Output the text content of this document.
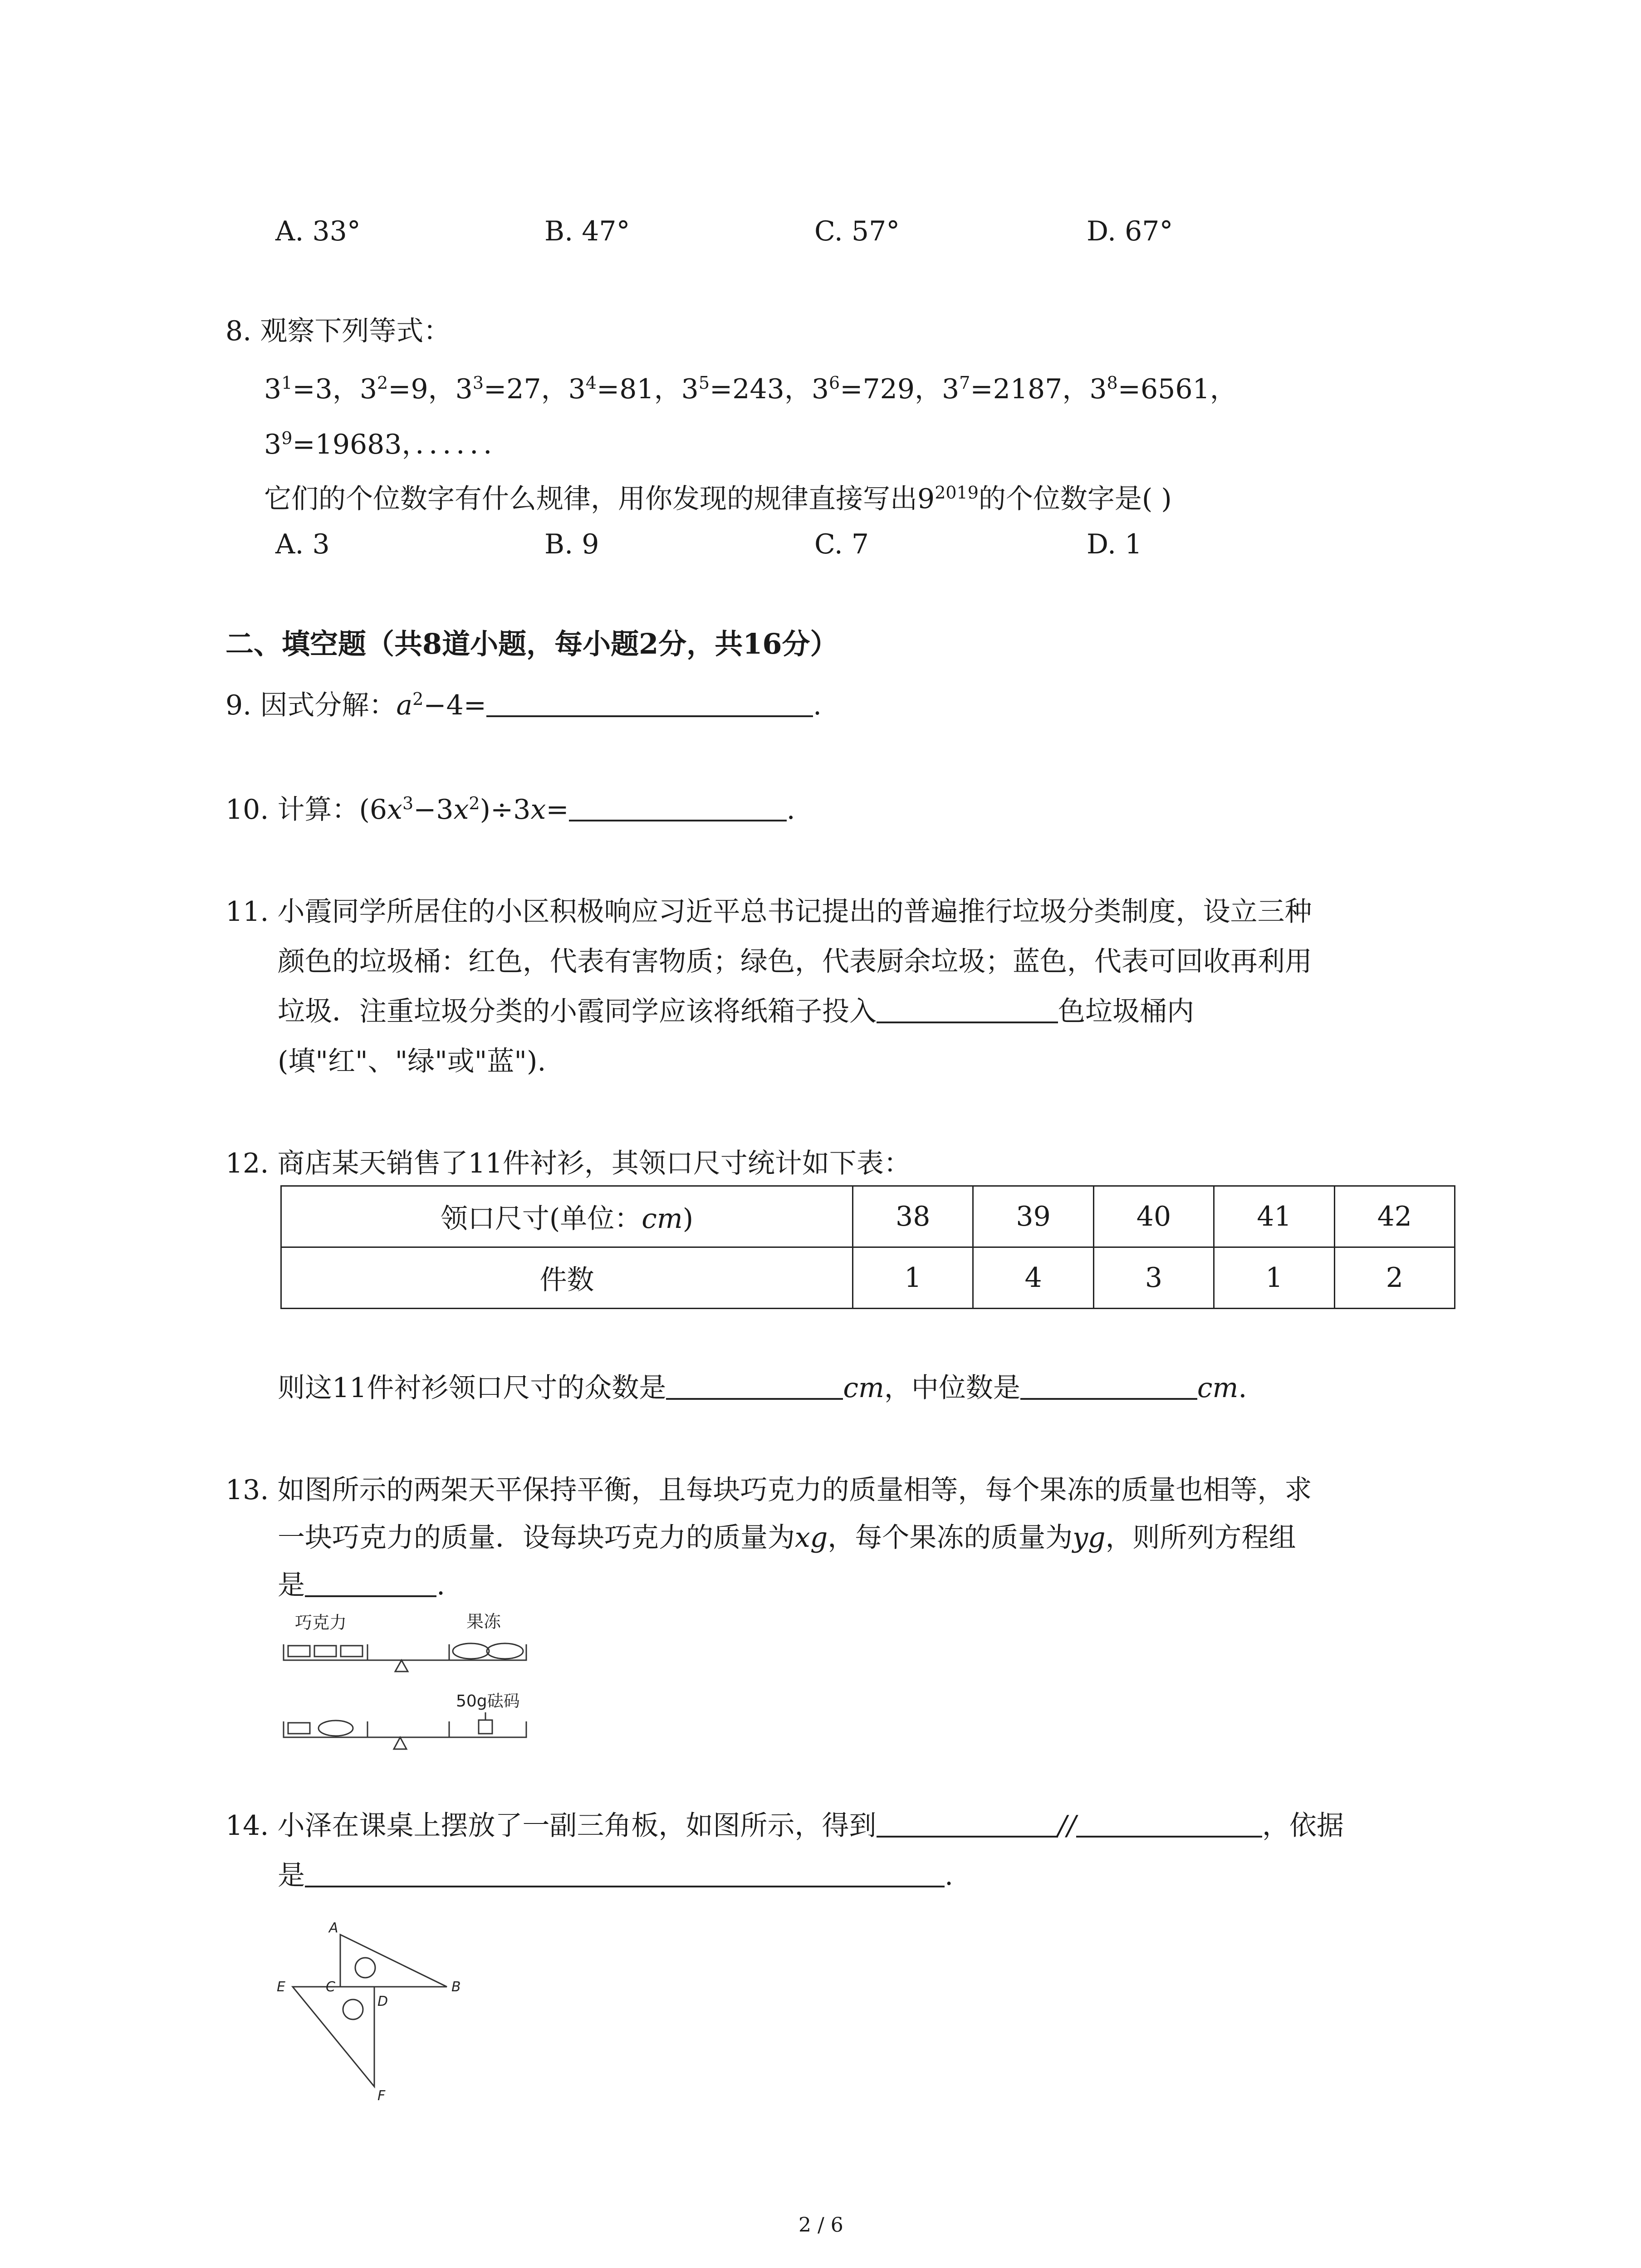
A. 33°	B. 47°	C. 57°	D. 67°
8. 观察下列等式：
$3^1=3$，$3^2=9$，$3^3=27$，$3^4=81$，$3^5=243$，$3^6=729$，$3^7=2187$，$3^8=6561$，
$3^9=19683$，．．．．．．
它们的个位数字有什么规律，用你发现的规律直接写出$9^{2019}$的个位数字是( )
A. 3	B. 9	C. 7	D. 1
二、填空题（共8道小题，每小题2分，共16分）
9. 因式分解：$a^2-4=$	.
10. 计算：$(6x^3-3x^2)\div 3x=$	.
11. 小霞同学所居住的小区积极响应习近平总书记提出的普遍推行垃圾分类制度，设立三种
颜色的垃圾桶：红色，代表有害物质；绿色，代表厨余垃圾；蓝色，代表可回收再利用
垃圾．注重垃圾分类的小霞同学应该将纸箱子投入	色垃圾桶内
(填"红"、"绿"或"蓝").
12. 商店某天销售了11件衬衫，其领口尺寸统计如下表：
领口尺寸(单位：cm)	38	39	40	41	42
件数	1	4	3	1	2
则这11件衬衫领口尺寸的众数是	cm，中位数是	cm.
13. 如图所示的两架天平保持平衡，且每块巧克力的质量相等，每个果冻的质量也相等，求
一块巧克力的质量．设每块巧克力的质量为xg，每个果冻的质量为yg，则所列方程组
是	.
巧克力	果冻
50g砝码
14. 小泽在课桌上摆放了一副三角板，如图所示，得到	//	，依据
是	.
A
C	B
E
D
F
2 / 6
